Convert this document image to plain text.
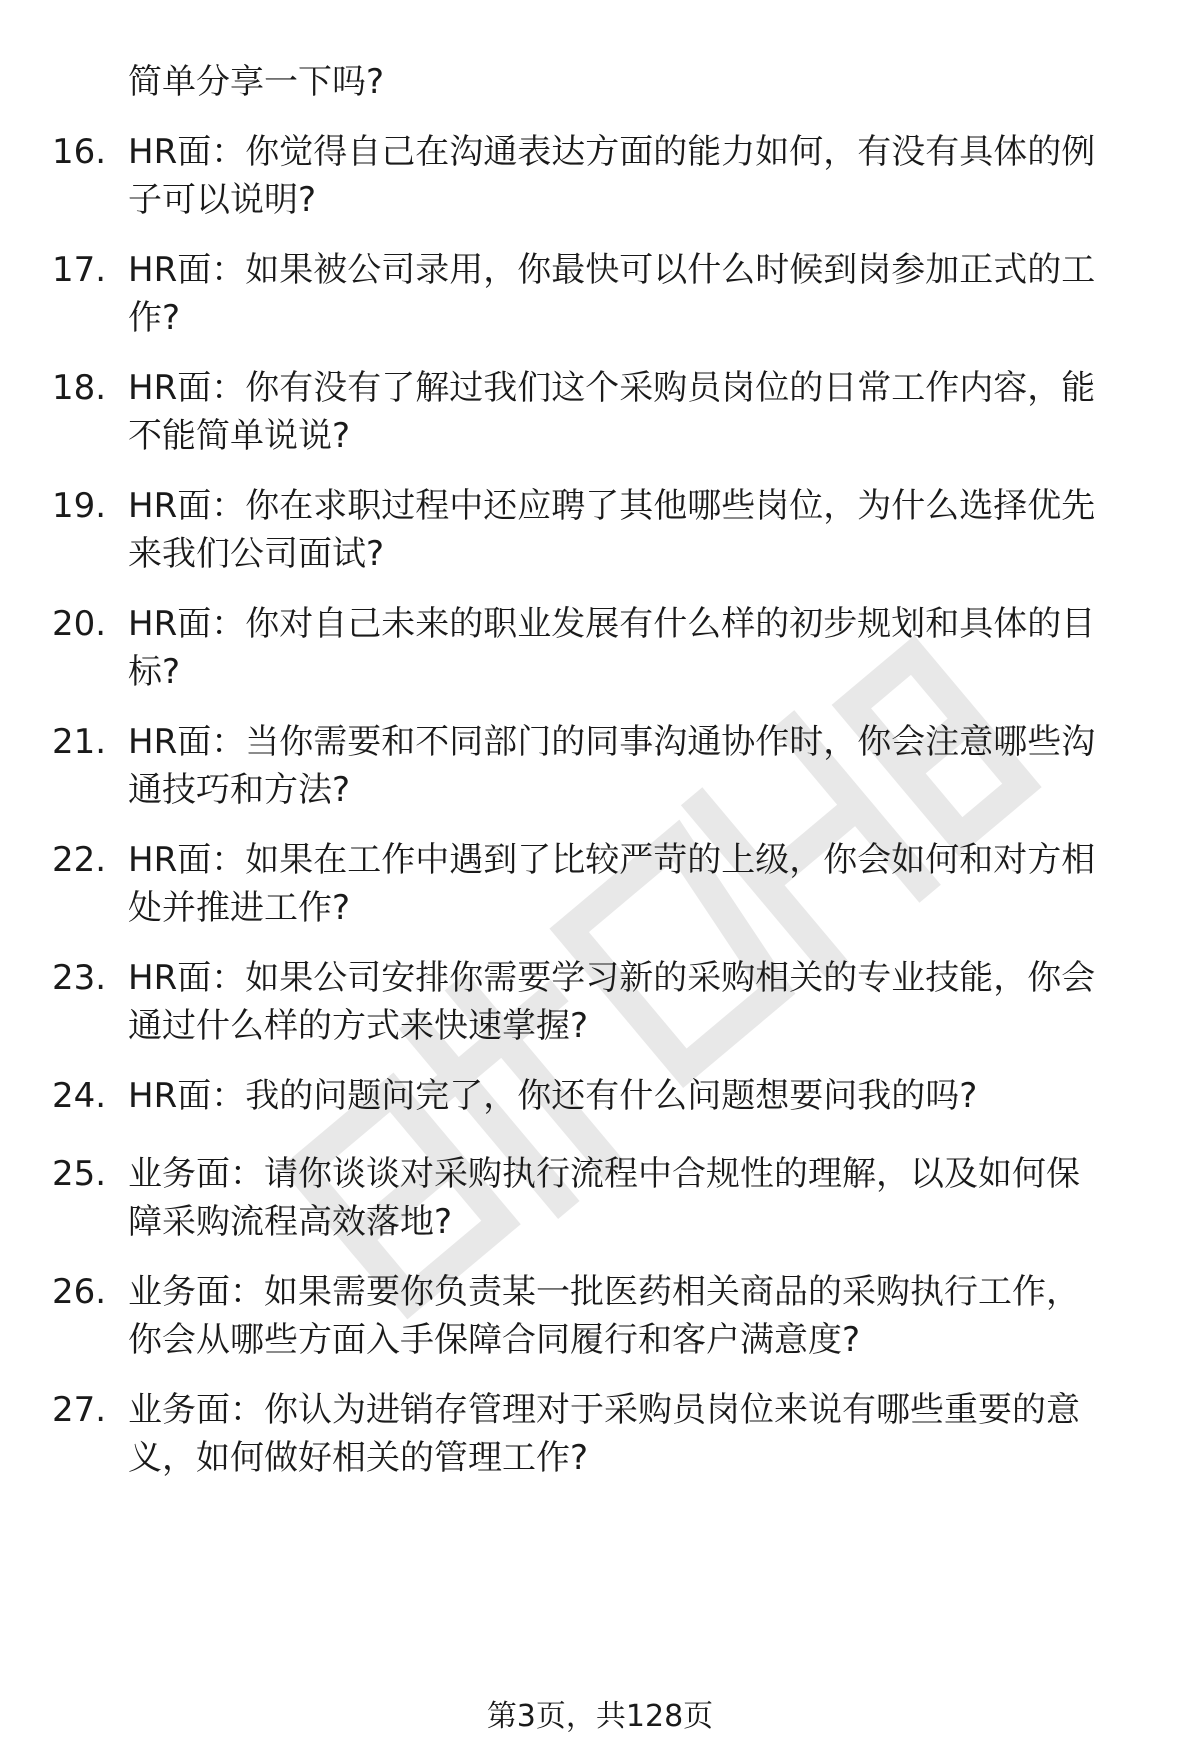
简单分享一下吗?
16. HR面：你觉得自己在沟通表达方面的能力如何，有没有具体的例
子可以说明?
17. HR面：如果被公司录用，你最快可以什么时候到岗参加正式的工
作?
18. HR面：你有没有了解过我们这个采购员岗位的日常工作内容，能
不能简单说说?
19. HR面：你在求职过程中还应聘了其他哪些岗位，为什么选择优先
来我们公司面试?
20. HR面：你对自己未来的职业发展有什么样的初步规划和具体的目
标?
21. HR面：当你需要和不同部门的同事沟通协作时，你会注意哪些沟
通技巧和方法?
22. HR面：如果在工作中遇到了比较严苛的上级，你会如何和对方相
处并推进工作?
23. HR面：如果公司安排你需要学习新的采购相关的专业技能，你会
通过什么样的方式来快速掌握?
24. HR面：我的问题问完了，你还有什么问题想要问我的吗?
25. 业务面：请你谈谈对采购执行流程中合规性的理解，以及如何保
障采购流程高效落地?
26. 业务面：如果需要你负责某一批医药相关商品的采购执行工作，
你会从哪些方面入手保障合同履行和客户满意度?
27. 业务面：你认为进销存管理对于采购员岗位来说有哪些重要的意
义，如何做好相关的管理工作?
第3页，共128页
